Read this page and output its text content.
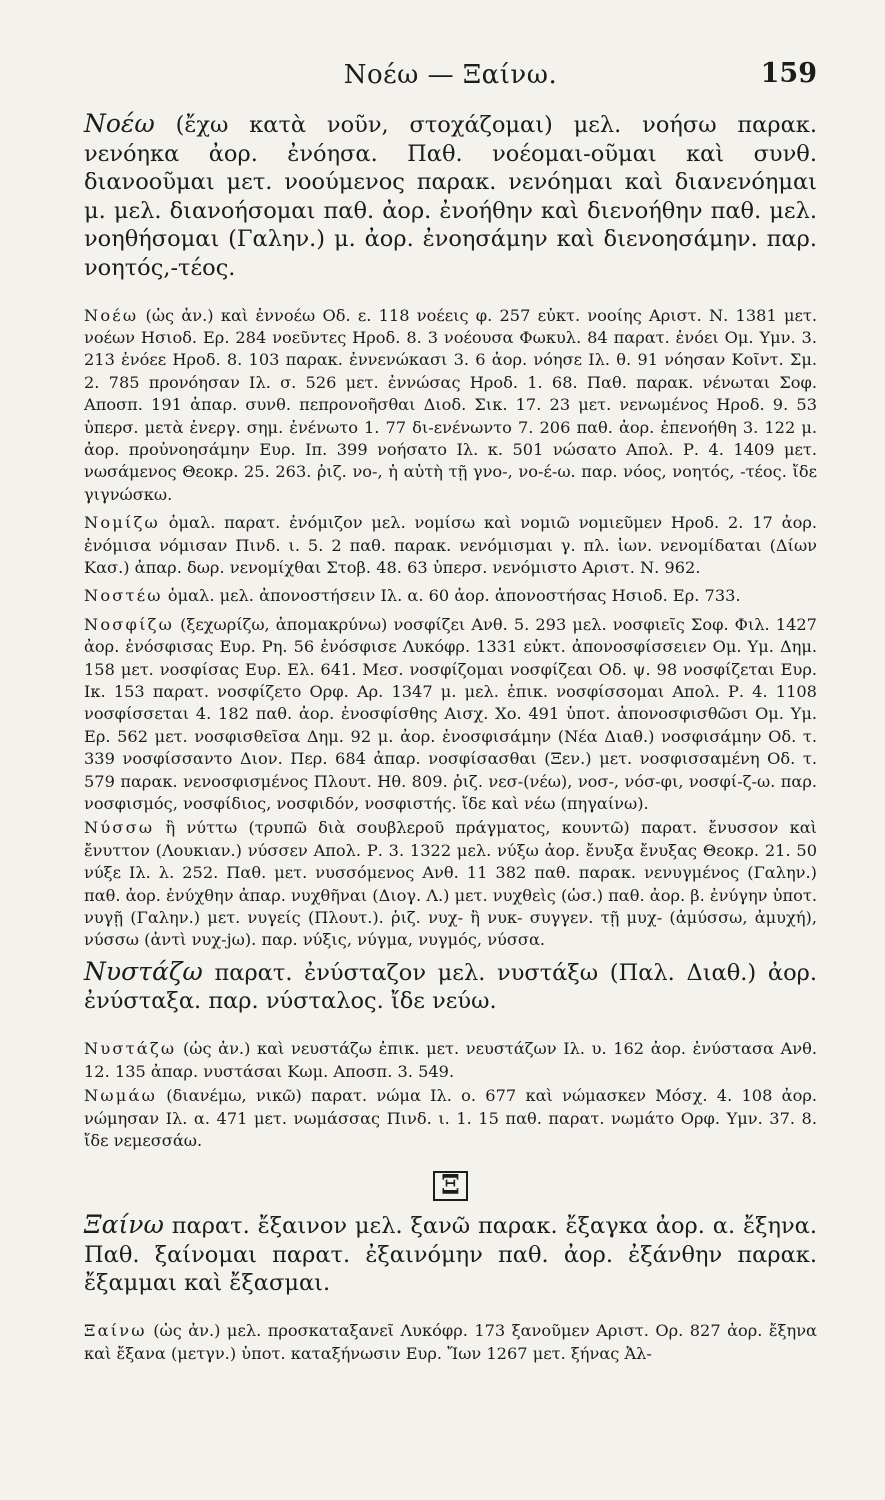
Νοέω — Ξαίνω.	159

Νοέω (ἔχω κατὰ νοῦν, στοχάζομαι) μελ. νοήσω παρακ. νενόηκα ἀορ. ἐνόησα. Παθ. νοέομαι-οῦμαι καὶ συνθ. διανοοῦμαι μετ. νοούμενος παρακ. νενόημαι καὶ διανενόημαι μ. μελ. διανοήσομαι παθ. ἀορ. ἐνοήθην καὶ διενοήθην παθ. μελ. νοηθήσομαι (Γαλην.) μ. ἀορ. ἐνοησάμην καὶ διενοησάμην. παρ. νοητός,-τέος.

Νοέω (ὡς ἀν.) καὶ ἐννοέω Οδ. ε. 118 νοέεις φ. 257 εὐκτ. νοοίης Αριστ. Ν. 1381 μετ. νοέων Ησιοδ. Ερ. 284 νοεῦντες Ηροδ. 8. 3 νοέουσα Φωκυλ. 84 παρατ. ἐνόει Ομ. Υμν. 3. 213 ἐνόεε Ηροδ. 8. 103 παρακ. ἐννενώκασι 3. 6 ἀορ. νόησε Ιλ. θ. 91 νόησαν Κοῖντ. Σμ. 2. 785 προνόησαν Ιλ. σ. 526 μετ. ἐννώσας Ηροδ. 1. 68. Παθ. παρακ. νένωται Σοφ. Αποσπ. 191 ἀπαρ. συνθ. πεπρονοῆσθαι Διοδ. Σικ. 17. 23 μετ. νενωμένος Ηροδ. 9. 53 ὑπερσ. μετὰ ἐνεργ. σημ. ἐνένωτο 1. 77 δι-ενένωντο 7. 206 παθ. ἀορ. ἐπενοήθη 3. 122 μ. ἀορ. προὐνοησάμην Ευρ. Ιπ. 399 νοήσατο Ιλ. κ. 501 νώσατο Απολ. Ρ. 4. 1409 μετ. νωσάμενος Θεοκρ. 25. 263. ῥιζ. νο-, ἡ αὐτὴ τῇ γνο-, νο-έ-ω. παρ. νόος, νοητός, -τέος. ἴδε γιγνώσκω.

Νομίζω ὁμαλ. παρατ. ἐνόμιζον μελ. νομίσω καὶ νομιῶ νομιεῦμεν Ηροδ. 2. 17 ἀορ. ἐνόμισα νόμισαν Πινδ. ι. 5. 2 παθ. παρακ. νενόμισμαι γ. πλ. ἰων. νενομίδαται (Δίων Κασ.) ἀπαρ. δωρ. νενομίχθαι Στοβ. 48. 63 ὑπερσ. νενόμιστο Αριστ. Ν. 962.

Νοστέω ὁμαλ. μελ. ἀπονοστήσειν Ιλ. α. 60 ἀορ. ἀπονοστήσας Ησιοδ. Ερ. 733.

Νοσφίζω (ξεχωρίζω, ἀπομακρύνω) νοσφίζει Ανθ. 5. 293 μελ. νοσφιεῖς Σοφ. Φιλ. 1427 ἀορ. ἐνόσφισας Ευρ. Ρη. 56 ἐνόσφισε Λυκόφρ. 1331 εὐκτ. ἀπονοσφίσσειεν Ομ. Υμ. Δημ. 158 μετ. νοσφίσας Ευρ. Ελ. 641. Μεσ. νοσφίζομαι νοσφίζεαι Οδ. ψ. 98 νοσφίζεται Ευρ. Ικ. 153 παρατ. νοσφίζετο Ορφ. Αρ. 1347 μ. μελ. ἐπικ. νοσφίσσομαι Απολ. Ρ. 4. 1108 νοσφίσσεται 4. 182 παθ. ἀορ. ἐνοσφίσθης Αισχ. Χο. 491 ὑποτ. ἀπονοσφισθῶσι Ομ. Υμ. Ερ. 562 μετ. νοσφισθεῖσα Δημ. 92 μ. ἀορ. ἐνοσφισάμην (Νέα Διαθ.) νοσφισάμην Οδ. τ. 339 νοσφίσσαντο Διον. Περ. 684 ἀπαρ. νοσφίσασθαι (Ξεν.) μετ. νοσφισσαμένη Οδ. τ. 579 παρακ. νενοσφισμένος Πλουτ. Ηθ. 809. ῥιζ. νεσ-(νέω), νοσ-, νόσ-φι, νοσφί-ζ-ω. παρ. νοσφισμός, νοσφίδιος, νοσφιδόν, νοσφιστής. ἴδε καὶ νέω (πηγαίνω).

Νύσσω ἢ νύττω (τρυπῶ διὰ σουβλεροῦ πράγματος, κουντῶ) παρατ. ἔνυσσον καὶ ἔνυττον (Λουκιαν.) νύσσεν Απολ. Ρ. 3. 1322 μελ. νύξω ἀορ. ἔνυξα ἔνυξας Θεοκρ. 21. 50 νύξε Ιλ. λ. 252. Παθ. μετ. νυσσόμενος Ανθ. 11 382 παθ. παρακ. νενυγμένος (Γαλην.) παθ. ἀορ. ἐνύχθην ἀπαρ. νυχθῆναι (Διογ. Λ.) μετ. νυχθεὶς (ὡσ.) παθ. ἀορ. β. ἐνύγην ὑποτ. νυγῇ (Γαλην.) μετ. νυγείς (Πλουτ.). ῥιζ. νυχ- ἢ νυκ- συγγεν. τῇ μυχ- (ἀμύσσω, ἀμυχή), νύσσω (ἀντὶ νυχ-jω). παρ. νύξις, νύγμα, νυγμός, νύσσα.

Νυστάζω παρατ. ἐνύσταζον μελ. νυστάξω (Παλ. Διαθ.) ἀορ. ἐνύσταξα. παρ. νύσταλος. ἴδε νεύω.

Νυστάζω (ὡς ἀν.) καὶ νευστάζω ἐπικ. μετ. νευστάζων Ιλ. υ. 162 ἀορ. ἐνύστασα Ανθ. 12. 135 ἀπαρ. νυστάσαι Κωμ. Αποσπ. 3. 549.

Νωμάω (διανέμω, νικῶ) παρατ. νώμα Ιλ. ο. 677 καὶ νώμασκεν Μόσχ. 4. 108 ἀορ. νώμησαν Ιλ. α. 471 μετ. νωμάσσας Πινδ. ι. 1. 15 παθ. παρατ. νωμάτο Ορφ. Υμν. 37. 8. ἴδε νεμεσσάω.

Ξ

Ξαίνω παρατ. ἔξαινον μελ. ξανῶ παρακ. ἔξαγκα ἀορ. α. ἔξηνα. Παθ. ξαίνομαι παρατ. ἐξαινόμην παθ. ἀορ. ἐξάνθην παρακ. ἔξαμμαι καὶ ἔξασμαι.

Ξαίνω (ὡς ἀν.) μελ. προσκαταξανεῖ Λυκόφρ. 173 ξανοῦμεν Αριστ. Ορ. 827 ἀορ. ἔξηνα καὶ ἔξανα (μετγν.) ὑποτ. καταξήνωσιν Ευρ. Ἴων 1267 μετ. ξήνας Ἀλ-
